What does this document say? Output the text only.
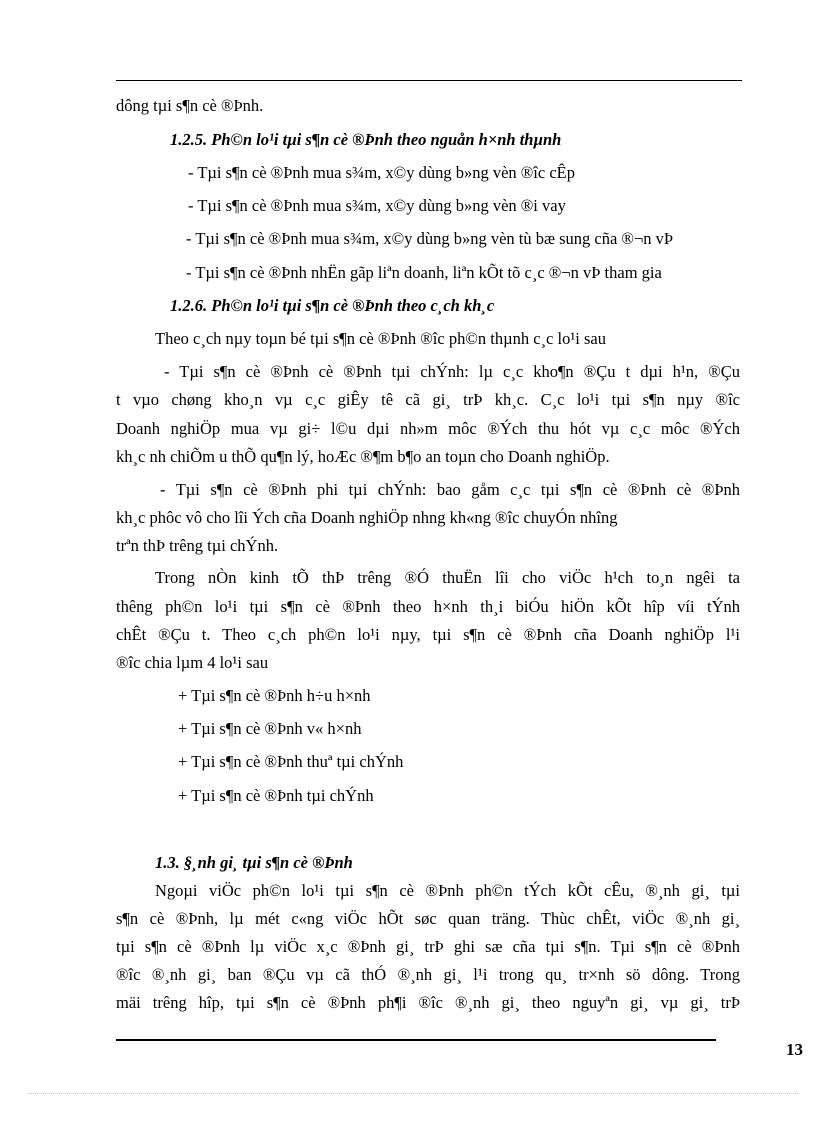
dông tµi s¶n cè ®Þnh.
1.2.5. Ph©n lo¹i tµi s¶n cè ®Þnh theo nguån h×nh thµnh
- Tµi s¶n cè ®Þnh mua s¾m, x©y dùng b»ng vèn ®îc cÊp
- Tµi s¶n cè ®Þnh mua s¾m, x©y dùng b»ng vèn ®i vay
- Tµi s¶n cè ®Þnh mua s¾m, x©y dùng b»ng vèn tù bæ sung cña ®¬n vÞ
- Tµi s¶n cè ®Þnh nhËn gãp liªn doanh, liªn kÕt tõ c¸c ®¬n vÞ tham gia
1.2.6. Ph©n lo¹i tµi s¶n cè ®Þnh theo c¸ch kh¸c
Theo c¸ch nµy toµn bé tµi s¶n cè ®Þnh ®îc ph©n thµnh c¸c lo¹i sau
- Tµi s¶n cè ®Þnh cè ®Þnh tµi chÝnh: lµ c¸c kho¶n ®Çu t dµi h¹n, ®Çu
t vµo chøng kho¸n vµ c¸c giÊy tê cã gi¸ trÞ kh¸c. C¸c lo¹i tµi s¶n nµy ®îc
Doanh nghiÖp mua vµ gi÷ l©u dµi nh»m môc ®Ých thu hót vµ c¸c môc ®Ých
kh¸c nh chiÕm u thÕ qu¶n lý, hoÆc ®¶m b¶o an toµn cho Doanh nghiÖp.
- Tµi s¶n cè ®Þnh phi tµi chÝnh: bao gåm c¸c tµi s¶n cè ®Þnh cè ®Þnh
kh¸c phôc vô cho lîi Ých cña Doanh nghiÖp nhng kh«ng ®îc chuyÓn nhîng
trªn thÞ trêng tµi chÝnh.
Trong nÒn kinh tÕ thÞ trêng ®Ó thuËn lîi cho viÖc h¹ch to¸n ngêi ta
thêng ph©n lo¹i tµi s¶n cè ®Þnh theo h×nh th¸i biÓu hiÖn kÕt hîp víi tÝnh
chÊt ®Çu t. Theo c¸ch ph©n lo¹i nµy, tµi s¶n cè ®Þnh cña Doanh nghiÖp l¹i
®îc chia lµm 4 lo¹i sau
+ Tµi s¶n cè ®Þnh h÷u h×nh
+ Tµi s¶n cè ®Þnh v« h×nh
+ Tµi s¶n cè ®Þnh thuª tµi chÝnh
+ Tµi s¶n cè ®Þnh tµi chÝnh
1.3. §¸nh gi¸ tµi s¶n cè ®Þnh
Ngoµi viÖc ph©n lo¹i tµi s¶n cè ®Þnh ph©n tÝch kÕt cÊu, ®¸nh gi¸ tµi
s¶n cè ®Þnh, lµ mét c«ng viÖc hÕt søc quan träng. Thùc chÊt, viÖc ®¸nh gi¸
tµi s¶n cè ®Þnh lµ viÖc x¸c ®Þnh gi¸ trÞ ghi sæ cña tµi s¶n. Tµi s¶n cè ®Þnh
®îc ®¸nh gi¸ ban ®Çu vµ cã thÓ ®¸nh gi¸ l¹i trong qu¸ tr×nh sö dông. Trong
mäi trêng hîp, tµi s¶n cè ®Þnh ph¶i ®îc ®¸nh gi¸ theo nguyªn gi¸ vµ gi¸ trÞ
13
